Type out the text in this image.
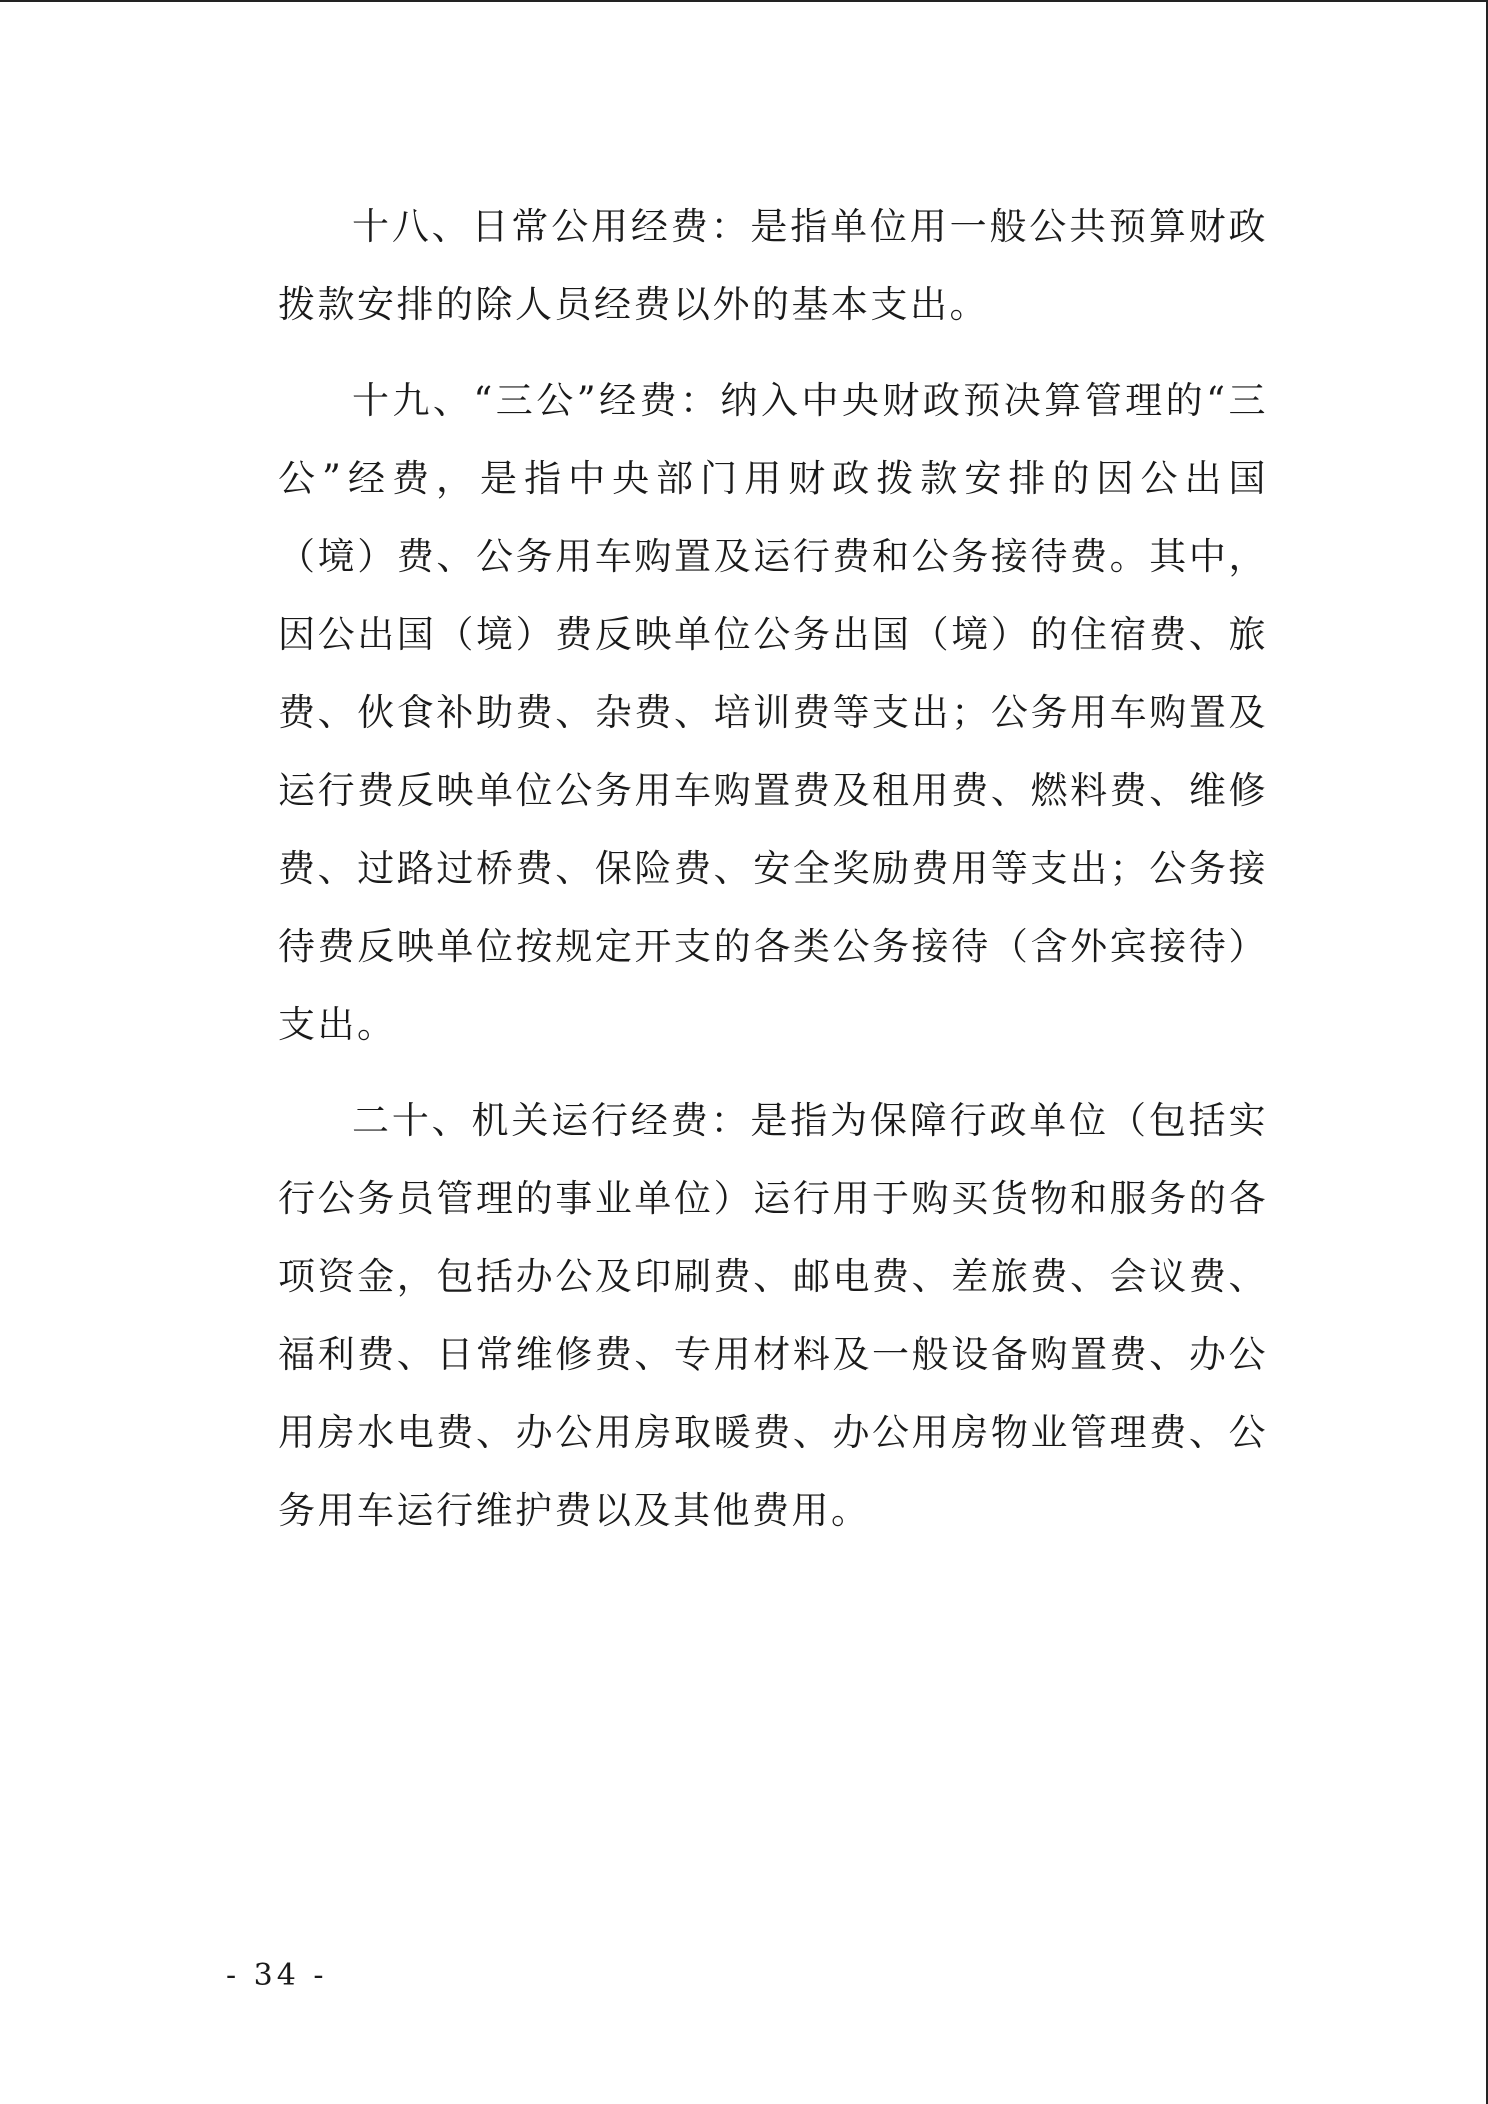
十八、日常公用经费：是指单位用一般公共预算财政拨款安排的除人员经费以外的基本支出。

十九、“三公”经费：纳入中央财政预决算管理的“三公”经费，是指中央部门用财政拨款安排的因公出国（境）费、公务用车购置及运行费和公务接待费。其中，因公出国（境）费反映单位公务出国（境）的住宿费、旅费、伙食补助费、杂费、培训费等支出；公务用车购置及运行费反映单位公务用车购置费及租用费、燃料费、维修费、过路过桥费、保险费、安全奖励费用等支出；公务接待费反映单位按规定开支的各类公务接待（含外宾接待）支出。

二十、机关运行经费：是指为保障行政单位（包括实行公务员管理的事业单位）运行用于购买货物和服务的各项资金，包括办公及印刷费、邮电费、差旅费、会议费、福利费、日常维修费、专用材料及一般设备购置费、办公用房水电费、办公用房取暖费、办公用房物业管理费、公务用车运行维护费以及其他费用。

- 34 -
